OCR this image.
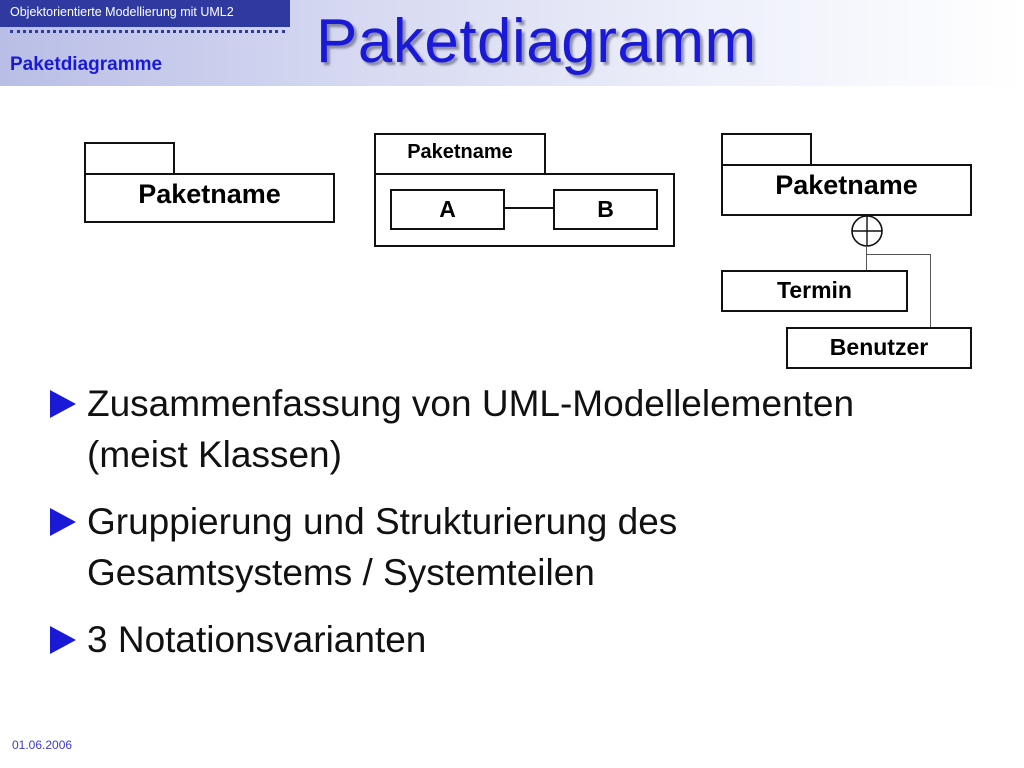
Objektorientierte Modellierung mit UML2
Paketdiagramme Paketdiagramm
Paketname
Paketname
A	B
Paketname
Termin
Benutzer
Zusammenfassung von UML-Modellelementen (meist Klassen)
Gruppierung und Strukturierung des Gesamtsystems / Systemteilen
3 Notationsvarianten
01.06.2006
